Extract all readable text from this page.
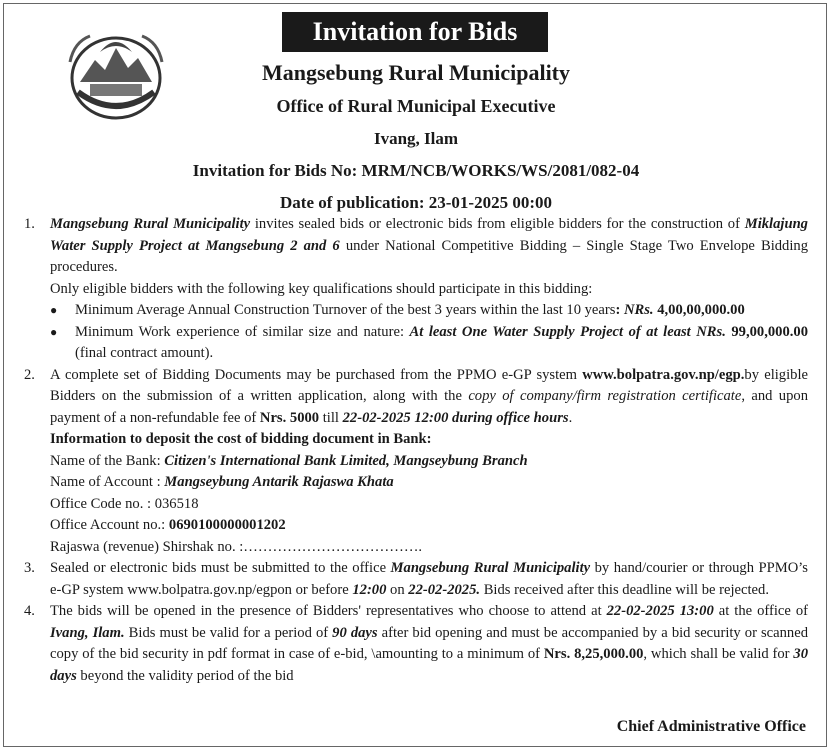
Invitation for Bids
Mangsebung Rural Municipality
Office of Rural Municipal Executive
Ivang, Ilam
Invitation for Bids No: MRM/NCB/WORKS/WS/2081/082-04
Date of publication: 23-01-2025 00:00
1. Mangsebung Rural Municipality invites sealed bids or electronic bids from eligible bidders for the construction of Miklajung Water Supply Project at Mangsebung 2 and 6 under National Competitive Bidding – Single Stage Two Envelope Bidding procedures.
Only eligible bidders with the following key qualifications should participate in this bidding:
● Minimum Average Annual Construction Turnover of the best 3 years within the last 10 years: NRs. 4,00,00,000.00
● Minimum Work experience of similar size and nature: At least One Water Supply Project of at least NRs. 99,00,000.00 (final contract amount).
2. A complete set of Bidding Documents may be purchased from the PPMO e-GP system www.bolpatra.gov.np/egp.by eligible Bidders on the submission of a written application, along with the copy of company/firm registration certificate, and upon payment of a non-refundable fee of Nrs. 5000 till 22-02-2025 12:00 during office hours.
Information to deposit the cost of bidding document in Bank:
Name of the Bank: Citizen's International Bank Limited, Mangseybung Branch
Name of Account : Mangseybung Antarik Rajaswa Khata
Office Code no. : 036518
Office Account no.: 0690100000001202
Rajaswa (revenue) Shirshak no. :……………………………….
3. Sealed or electronic bids must be submitted to the office Mangsebung Rural Municipality by hand/courier or through PPMO’s e-GP system www.bolpatra.gov.np/egpon or before 12:00 on 22-02-2025. Bids received after this deadline will be rejected.
4. The bids will be opened in the presence of Bidders' representatives who choose to attend at 22-02-2025 13:00 at the office of Ivang, Ilam. Bids must be valid for a period of 90 days after bid opening and must be accompanied by a bid security or scanned copy of the bid security in pdf format in case of e-bid, \amounting to a minimum of Nrs. 8,25,000.00, which shall be valid for 30 days beyond the validity period of the bid
Chief Administrative Office
